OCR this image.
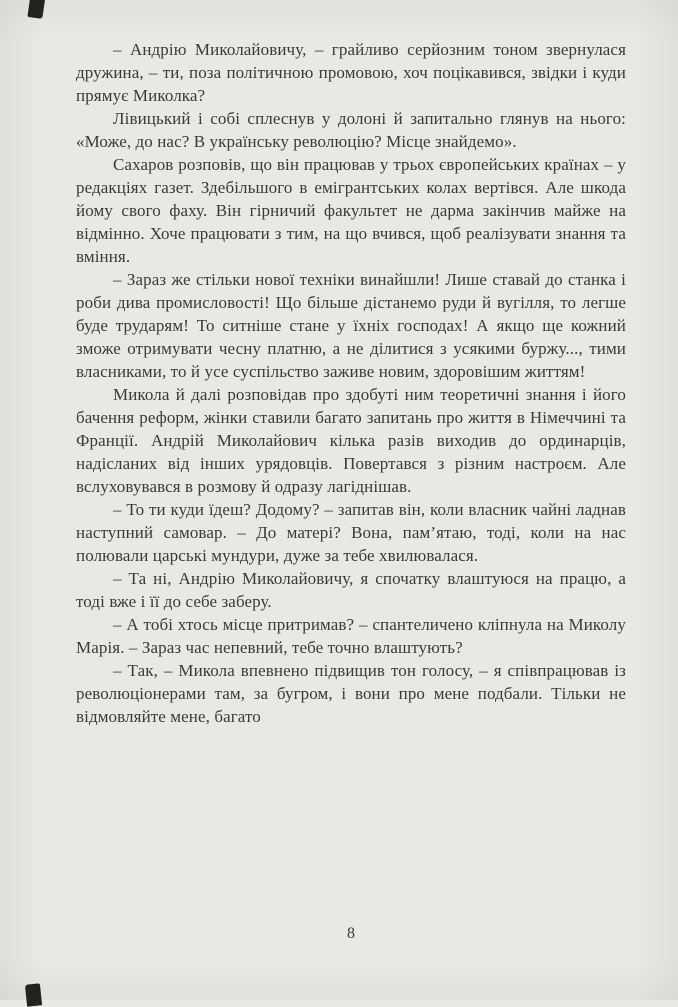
– Андрію Миколайовичу, – грайливо серйозним тоном звернулася дружина, – ти, поза політичною промовою, хоч поцікавився, звідки і куди прямує Миколка?

Лівицький і собі сплеснув у долоні й запитально глянув на нього: «Може, до нас? В українську революцію? Місце знайдемо».

Сахаров розповів, що він працював у трьох європейських країнах – у редакціях газет. Здебільшого в емігрантських колах вертівся. Але шкода йому свого фаху. Він гірничий факультет не дарма закінчив майже на відмінно. Хоче працювати з тим, на що вчився, щоб реалізувати знання та вміння.

– Зараз же стільки нової техніки винайшли! Лише ставай до станка і роби дива промисловості! Що більше дістанемо руди й вугілля, то легше буде трударям! То ситніше стане у їхніх господах! А якщо ще кожний зможе отримувати чесну платню, а не ділитися з усякими буржу..., тими власниками, то й усе суспільство заживе новим, здоровішим життям!

Микола й далі розповідав про здобуті ним теоретичні знання і його бачення реформ, жінки ставили багато запитань про життя в Німеччині та Франції. Андрій Миколайович кілька разів виходив до ординарців, надісланих від інших урядовців. Повертався з різним настроєм. Але вслуховувався в розмову й одразу лагіднішав.

– То ти куди їдеш? Додому? – запитав він, коли власник чайні ладнав наступний самовар. – До матері? Вона, пам’ятаю, тоді, коли на нас полювали царські мундури, дуже за тебе хвилювалася.

– Та ні, Андрію Миколайовичу, я спочатку влаштуюся на працю, а тоді вже і її до себе заберу.

– А тобі хтось місце притримав? – спантеличено кліпнула на Миколу Марія. – Зараз час непевний, тебе точно влаштують?

– Так, – Микола впевнено підвищив тон голосу, – я співпрацював із революціонерами там, за бугром, і вони про мене подбали. Тільки не відмовляйте мене, багато

8
